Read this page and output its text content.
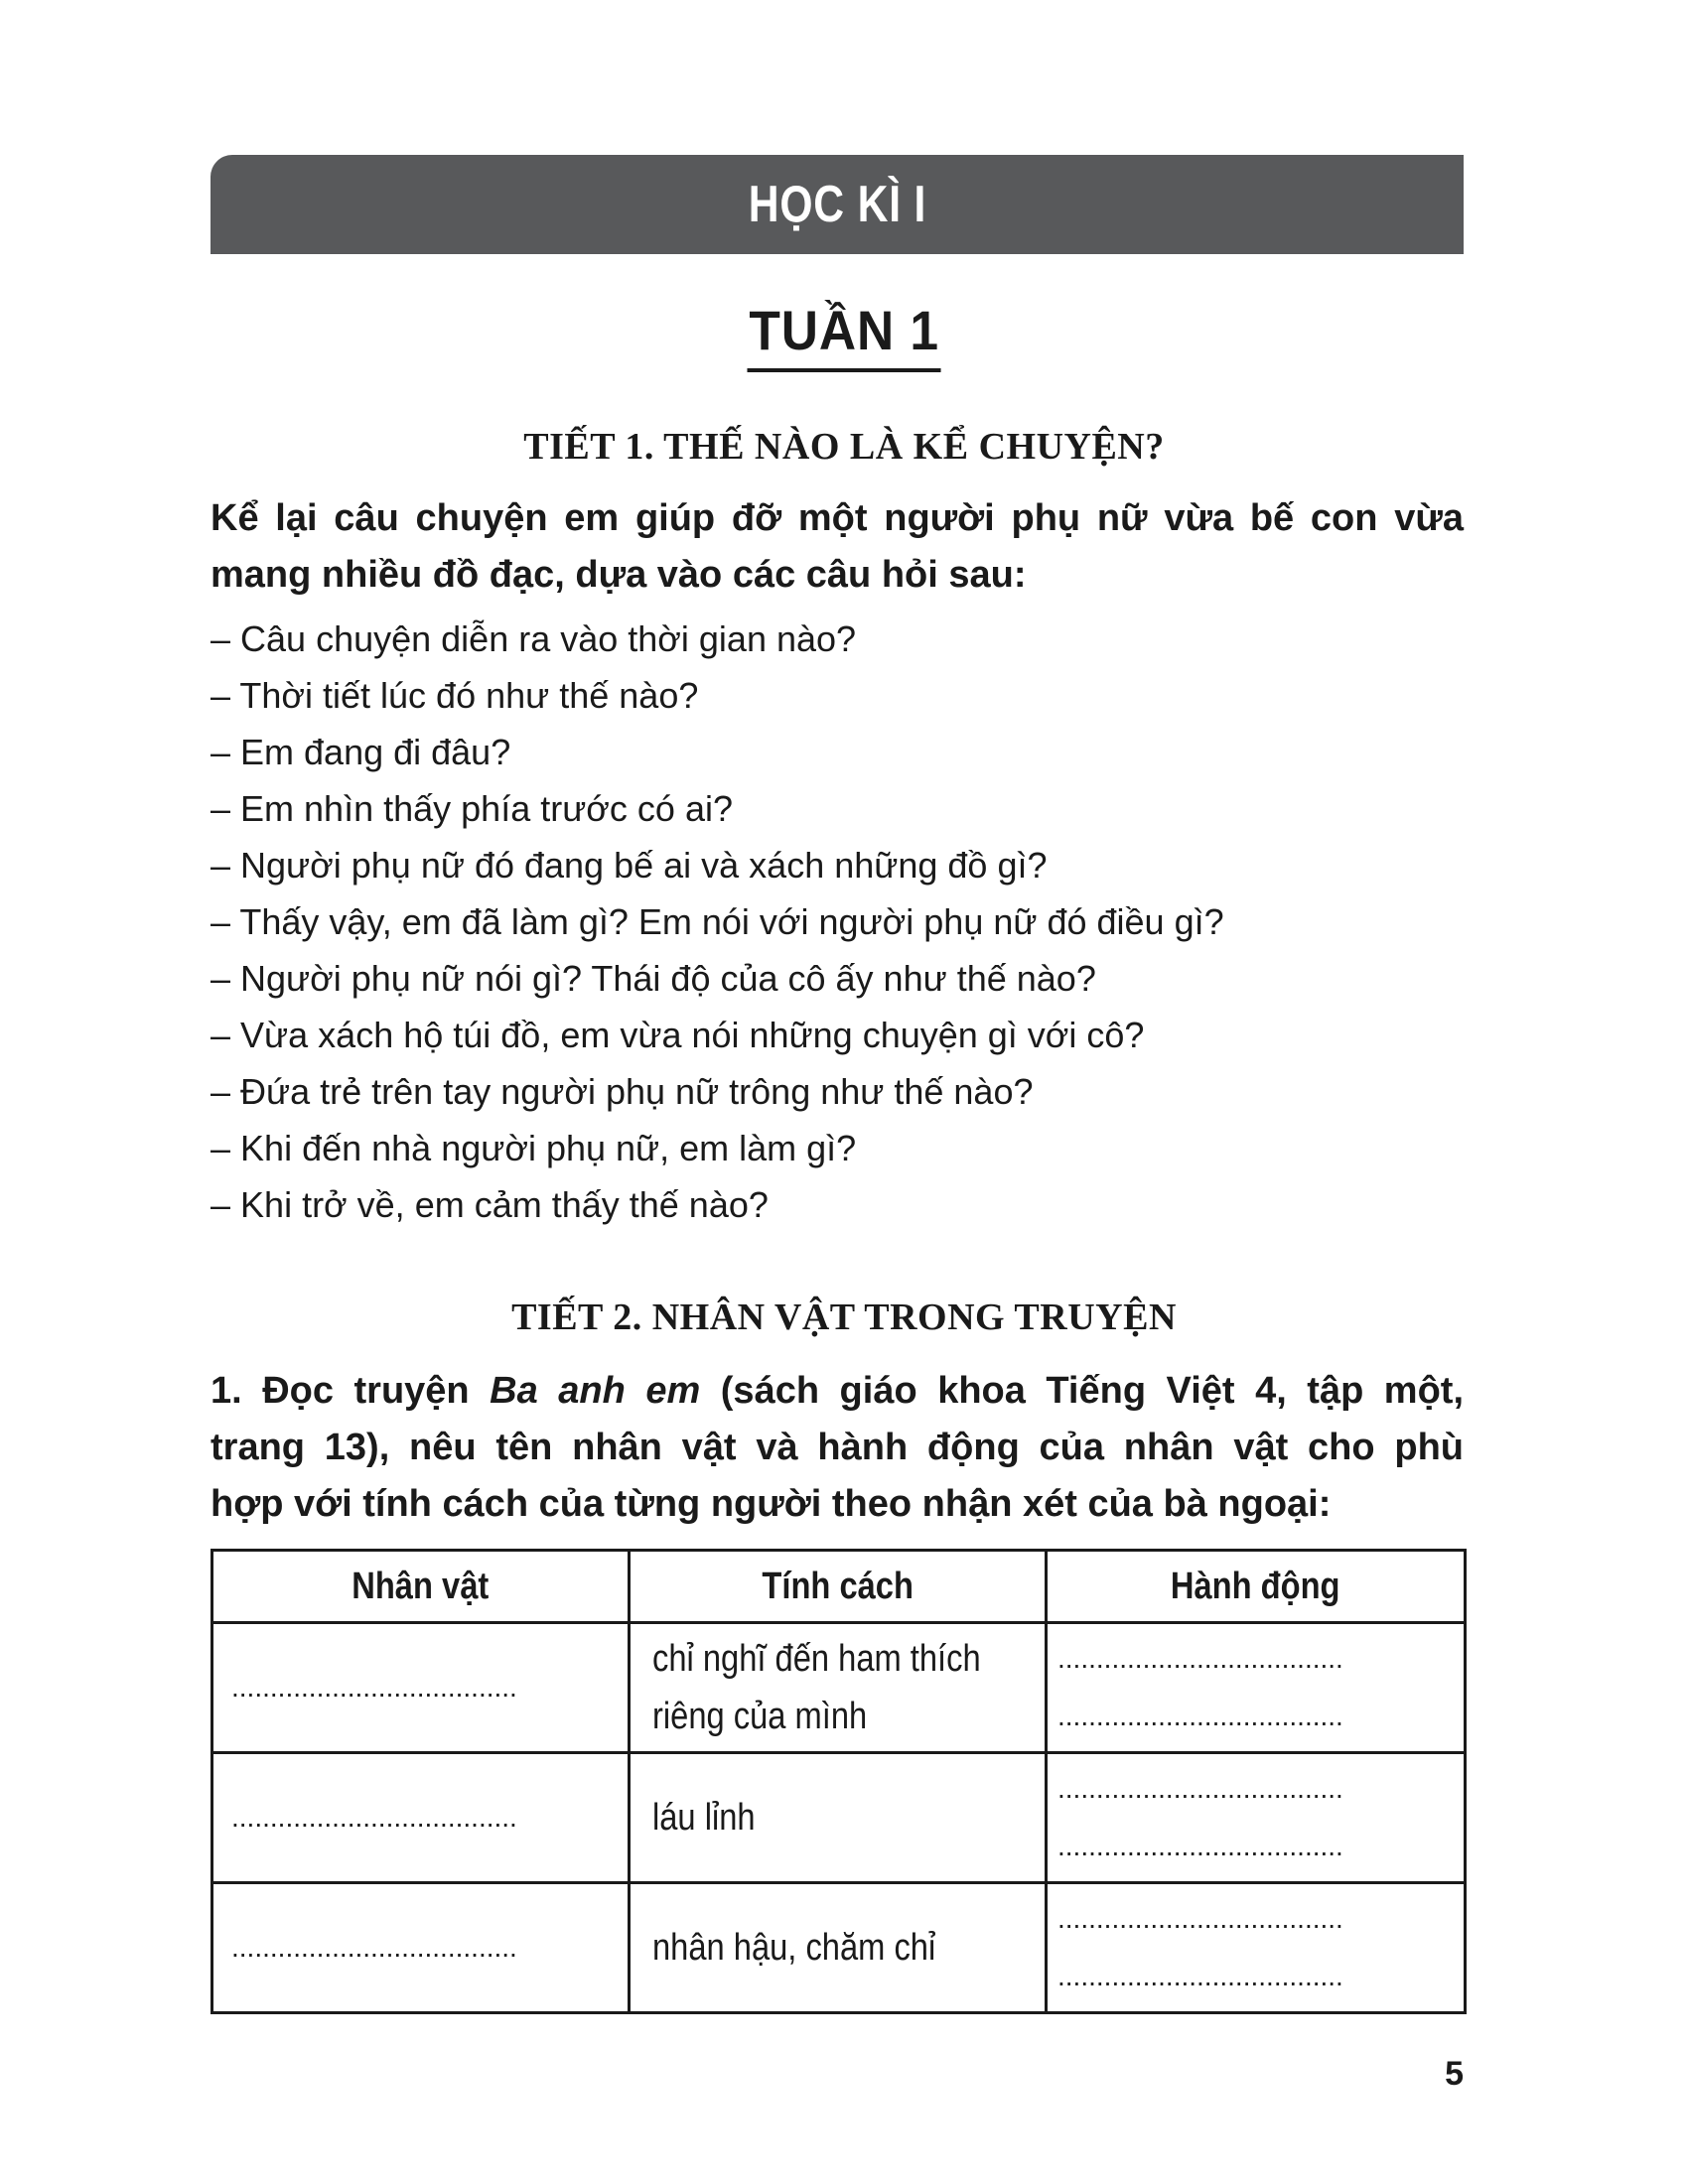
HỌC KÌ I
TUẦN 1
TIẾT 1. THẾ NÀO LÀ KỂ CHUYỆN?
Kể lại câu chuyện em giúp đỡ một người phụ nữ vừa bế con vừa
mang nhiều đồ đạc, dựa vào các câu hỏi sau:
– Câu chuyện diễn ra vào thời gian nào?
– Thời tiết lúc đó như thế nào?
– Em đang đi đâu?
– Em nhìn thấy phía trước có ai?
– Người phụ nữ đó đang bế ai và xách những đồ gì?
– Thấy vậy, em đã làm gì? Em nói với người phụ nữ đó điều gì?
– Người phụ nữ nói gì? Thái độ của cô ấy như thế nào?
– Vừa xách hộ túi đồ, em vừa nói những chuyện gì với cô?
– Đứa trẻ trên tay người phụ nữ trông như thế nào?
– Khi đến nhà người phụ nữ, em làm gì?
– Khi trở về, em cảm thấy thế nào?
TIẾT 2. NHÂN VẬT TRONG TRUYỆN
1. Đọc truyện Ba anh em (sách giáo khoa Tiếng Việt 4, tập một,
trang 13), nêu tên nhân vật và hành động của nhân vật cho phù
hợp với tính cách của từng người theo nhận xét của bà ngoại:
Nhân vật	Tính cách	Hành động

.....................................	chỉ nghĩ đến ham thích
riêng của mình	.....................................
.....................................

.....................................	láu lỉnh	.....................................
.....................................

.....................................	nhân hậu, chăm chỉ	.....................................
.....................................
5
